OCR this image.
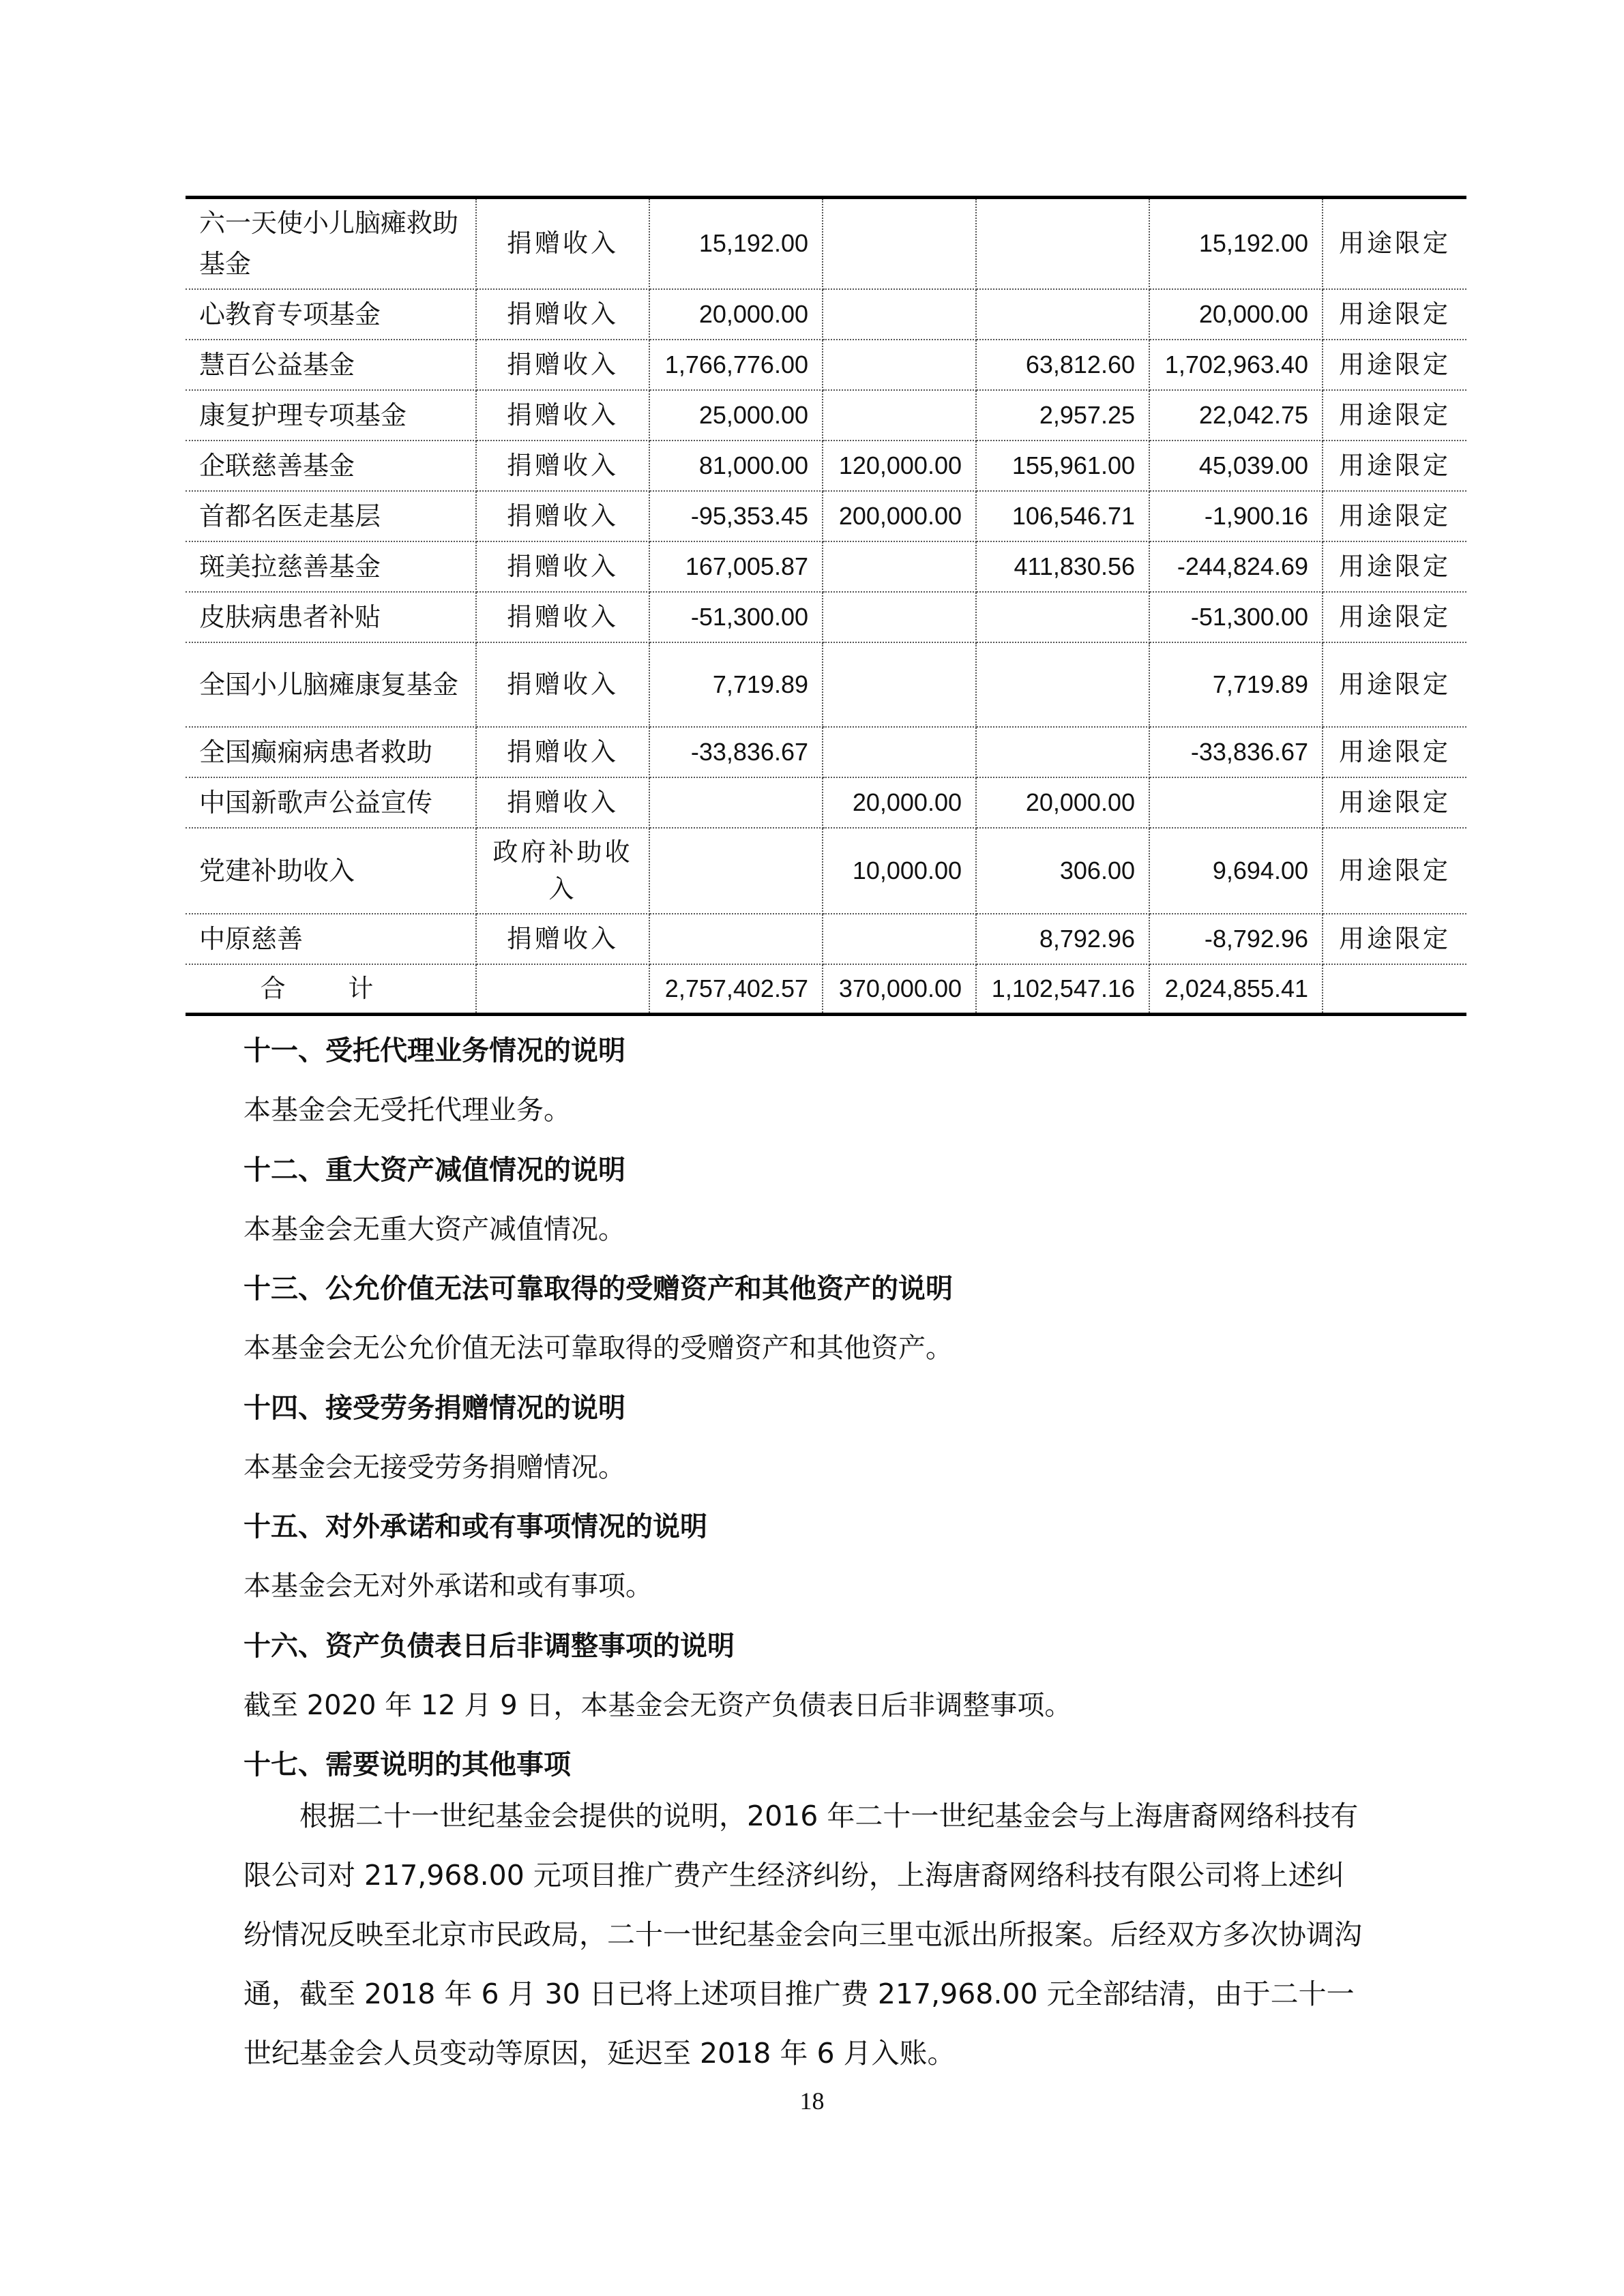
六一天使小儿脑瘫救助基金	捐赠收入	15,192.00			15,192.00	用途限定
心教育专项基金	捐赠收入	20,000.00			20,000.00	用途限定
慧百公益基金	捐赠收入	1,766,776.00		63,812.60	1,702,963.40	用途限定
康复护理专项基金	捐赠收入	25,000.00		2,957.25	22,042.75	用途限定
企联慈善基金	捐赠收入	81,000.00	120,000.00	155,961.00	45,039.00	用途限定
首都名医走基层	捐赠收入	-95,353.45	200,000.00	106,546.71	-1,900.16	用途限定
斑美拉慈善基金	捐赠收入	167,005.87		411,830.56	-244,824.69	用途限定
皮肤病患者补贴	捐赠收入	-51,300.00			-51,300.00	用途限定
全国小儿脑瘫康复基金	捐赠收入	7,719.89			7,719.89	用途限定
全国癫痫病患者救助	捐赠收入	-33,836.67			-33,836.67	用途限定
中国新歌声公益宣传	捐赠收入		20,000.00	20,000.00		用途限定
党建补助收入	政府补助收入		10,000.00	306.00	9,694.00	用途限定
中原慈善	捐赠收入			8,792.96	-8,792.96	用途限定
合 计		2,757,402.57	370,000.00	1,102,547.16	2,024,855.41	
十一、受托代理业务情况的说明
本基金会无受托代理业务。
十二、重大资产减值情况的说明
本基金会无重大资产减值情况。
十三、公允价值无法可靠取得的受赠资产和其他资产的说明
本基金会无公允价值无法可靠取得的受赠资产和其他资产。
十四、接受劳务捐赠情况的说明
本基金会无接受劳务捐赠情况。
十五、对外承诺和或有事项情况的说明
本基金会无对外承诺和或有事项。
十六、资产负债表日后非调整事项的说明
截至 2020 年 12 月 9 日，本基金会无资产负债表日后非调整事项。
十七、需要说明的其他事项
根据二十一世纪基金会提供的说明，2016 年二十一世纪基金会与上海唐裔网络科技有限公司对 217,968.00 元项目推广费产生经济纠纷，上海唐裔网络科技有限公司将上述纠纷情况反映至北京市民政局，二十一世纪基金会向三里屯派出所报案。后经双方多次协调沟通，截至 2018 年 6 月 30 日已将上述项目推广费 217,968.00 元全部结清，由于二十一世纪基金会人员变动等原因，延迟至 2018 年 6 月入账。
18
